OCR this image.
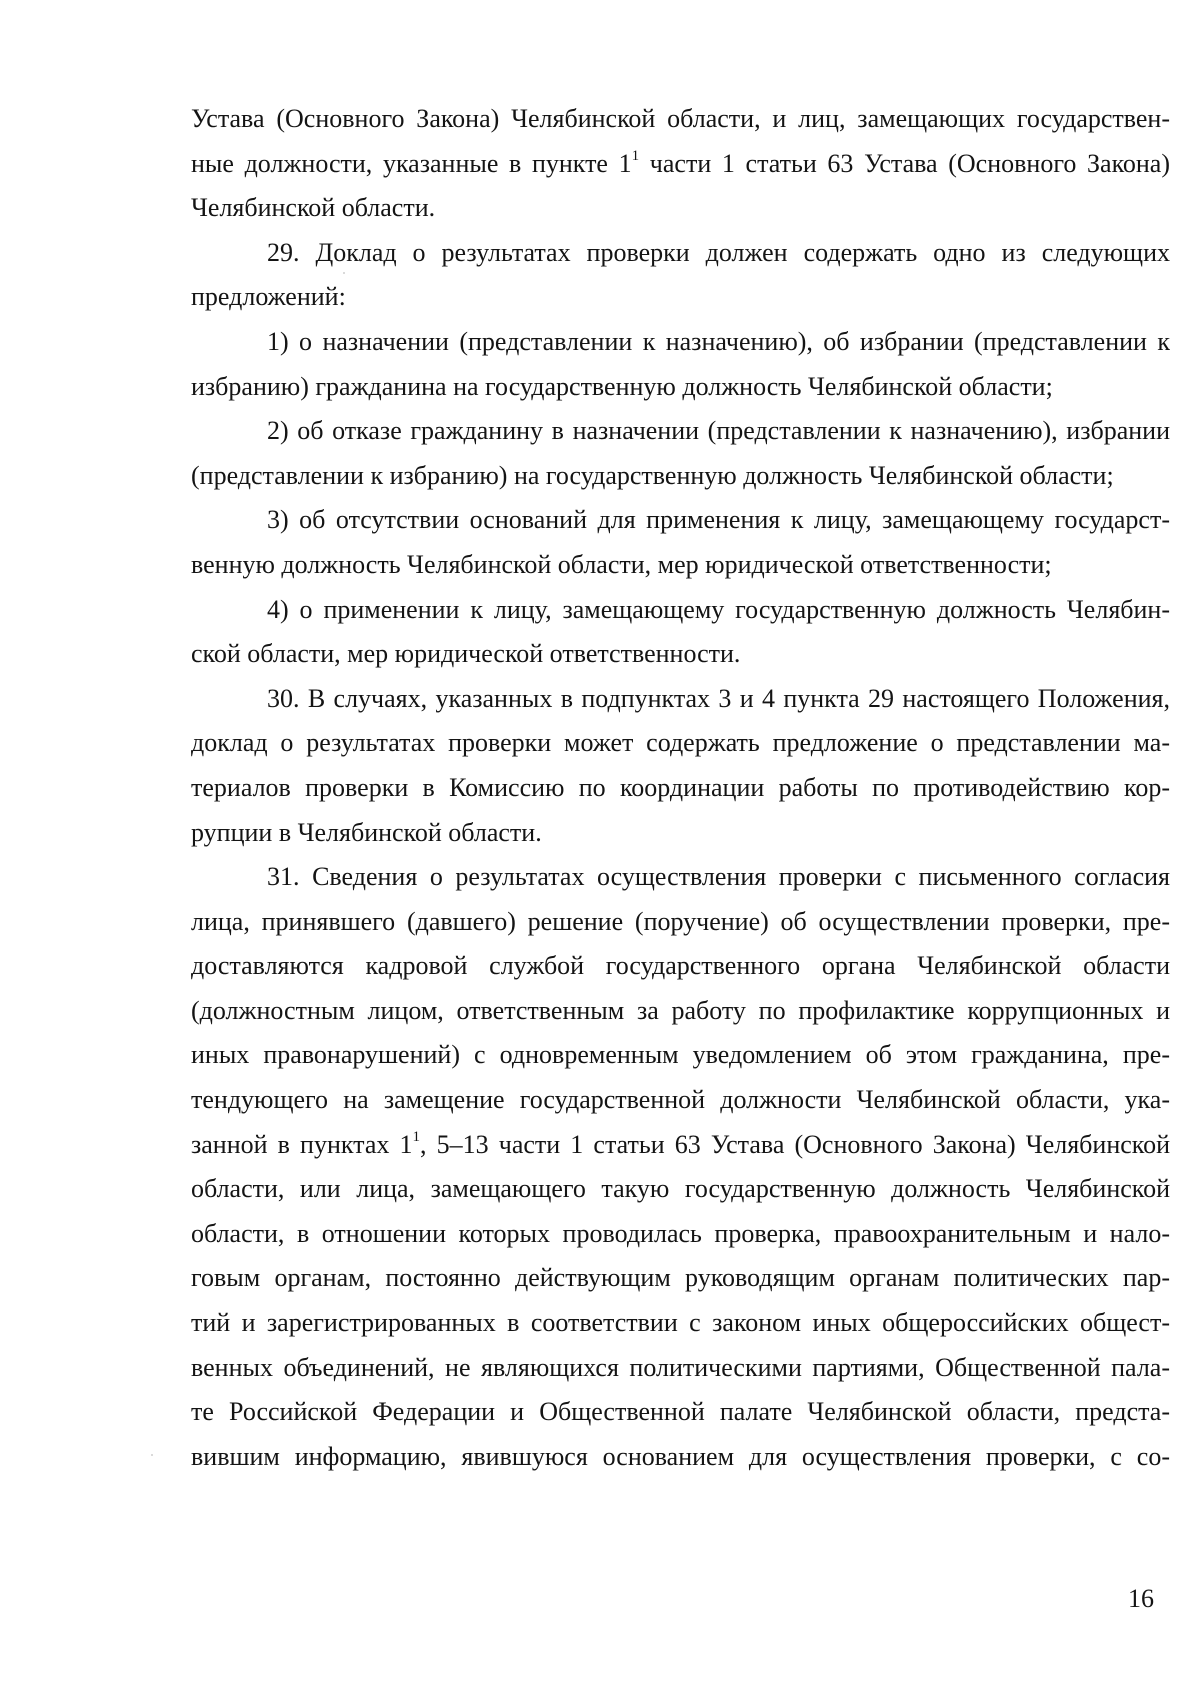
Устава (Основного Закона) Челябинской области, и лиц, замещающих государствен-
ные должности, указанные в пункте $1^1$ части 1 статьи 63 Устава (Основного Закона)
Челябинской области.
29. Доклад о результатах проверки должен содержать одно из следующих
предложений:
1) о назначении (представлении к назначению), об избрании (представлении к
избранию) гражданина на государственную должность Челябинской области;
2) об отказе гражданину в назначении (представлении к назначению), избрании
(представлении к избранию) на государственную должность Челябинской области;
3) об отсутствии оснований для применения к лицу, замещающему государст-
венную должность Челябинской области, мер юридической ответственности;
4) о применении к лицу, замещающему государственную должность Челябин-
ской области, мер юридической ответственности.
30. В случаях, указанных в подпунктах 3 и 4 пункта 29 настоящего Положения,
доклад о результатах проверки может содержать предложение о представлении ма-
териалов проверки в Комиссию по координации работы по противодействию кор-
рупции в Челябинской области.
31. Сведения о результатах осуществления проверки с письменного согласия
лица, принявшего (давшего) решение (поручение) об осуществлении проверки, пре-
доставляются кадровой службой государственного органа Челябинской области
(должностным лицом, ответственным за работу по профилактике коррупционных и
иных правонарушений) с одновременным уведомлением об этом гражданина, пре-
тендующего на замещение государственной должности Челябинской области, ука-
занной в пунктах $1^1$, 5–13 части 1 статьи 63 Устава (Основного Закона) Челябинской
области, или лица, замещающего такую государственную должность Челябинской
области, в отношении которых проводилась проверка, правоохранительным и нало-
говым органам, постоянно действующим руководящим органам политических пар-
тий и зарегистрированных в соответствии с законом иных общероссийских общест-
венных объединений, не являющихся политическими партиями, Общественной пала-
те Российской Федерации и Общественной палате Челябинской области, предста-
вившим информацию, явившуюся основанием для осуществления проверки, с со-
16
